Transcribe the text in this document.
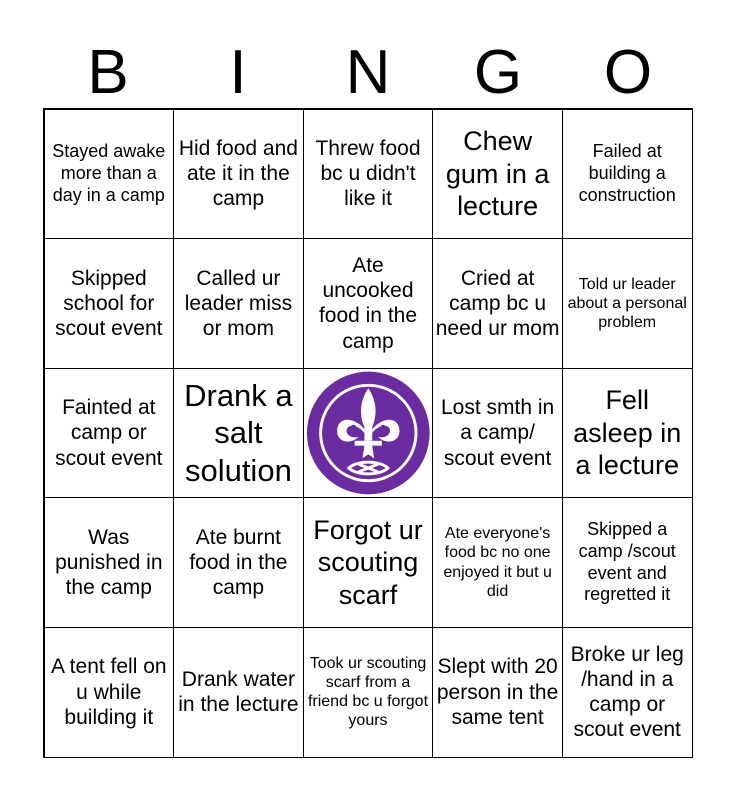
B	I	N	G	O
Stayed awake more than a day in a camp
Hid food and ate it in the camp
Threw food bc u didn't like it
Chew gum in a lecture
Failed at building a construction
Skipped school for scout event
Called ur leader miss or mom
Ate uncooked food in the camp
Cried at camp bc u need ur mom
Told ur leader about a personal problem
Fainted at camp or scout event
Drank a salt solution
Lost smth in a camp/ scout event
Fell asleep in a lecture
Was punished in the camp
Ate burnt food in the camp
Forgot ur scouting scarf
Ate everyone's food bc no one enjoyed it but u did
Skipped a camp /scout event and regretted it
A tent fell on u while building it
Drank water in the lecture
Took ur scouting scarf from a friend bc u forgot yours
Slept with 20 person in the same tent
Broke ur leg /hand in a camp or scout event
